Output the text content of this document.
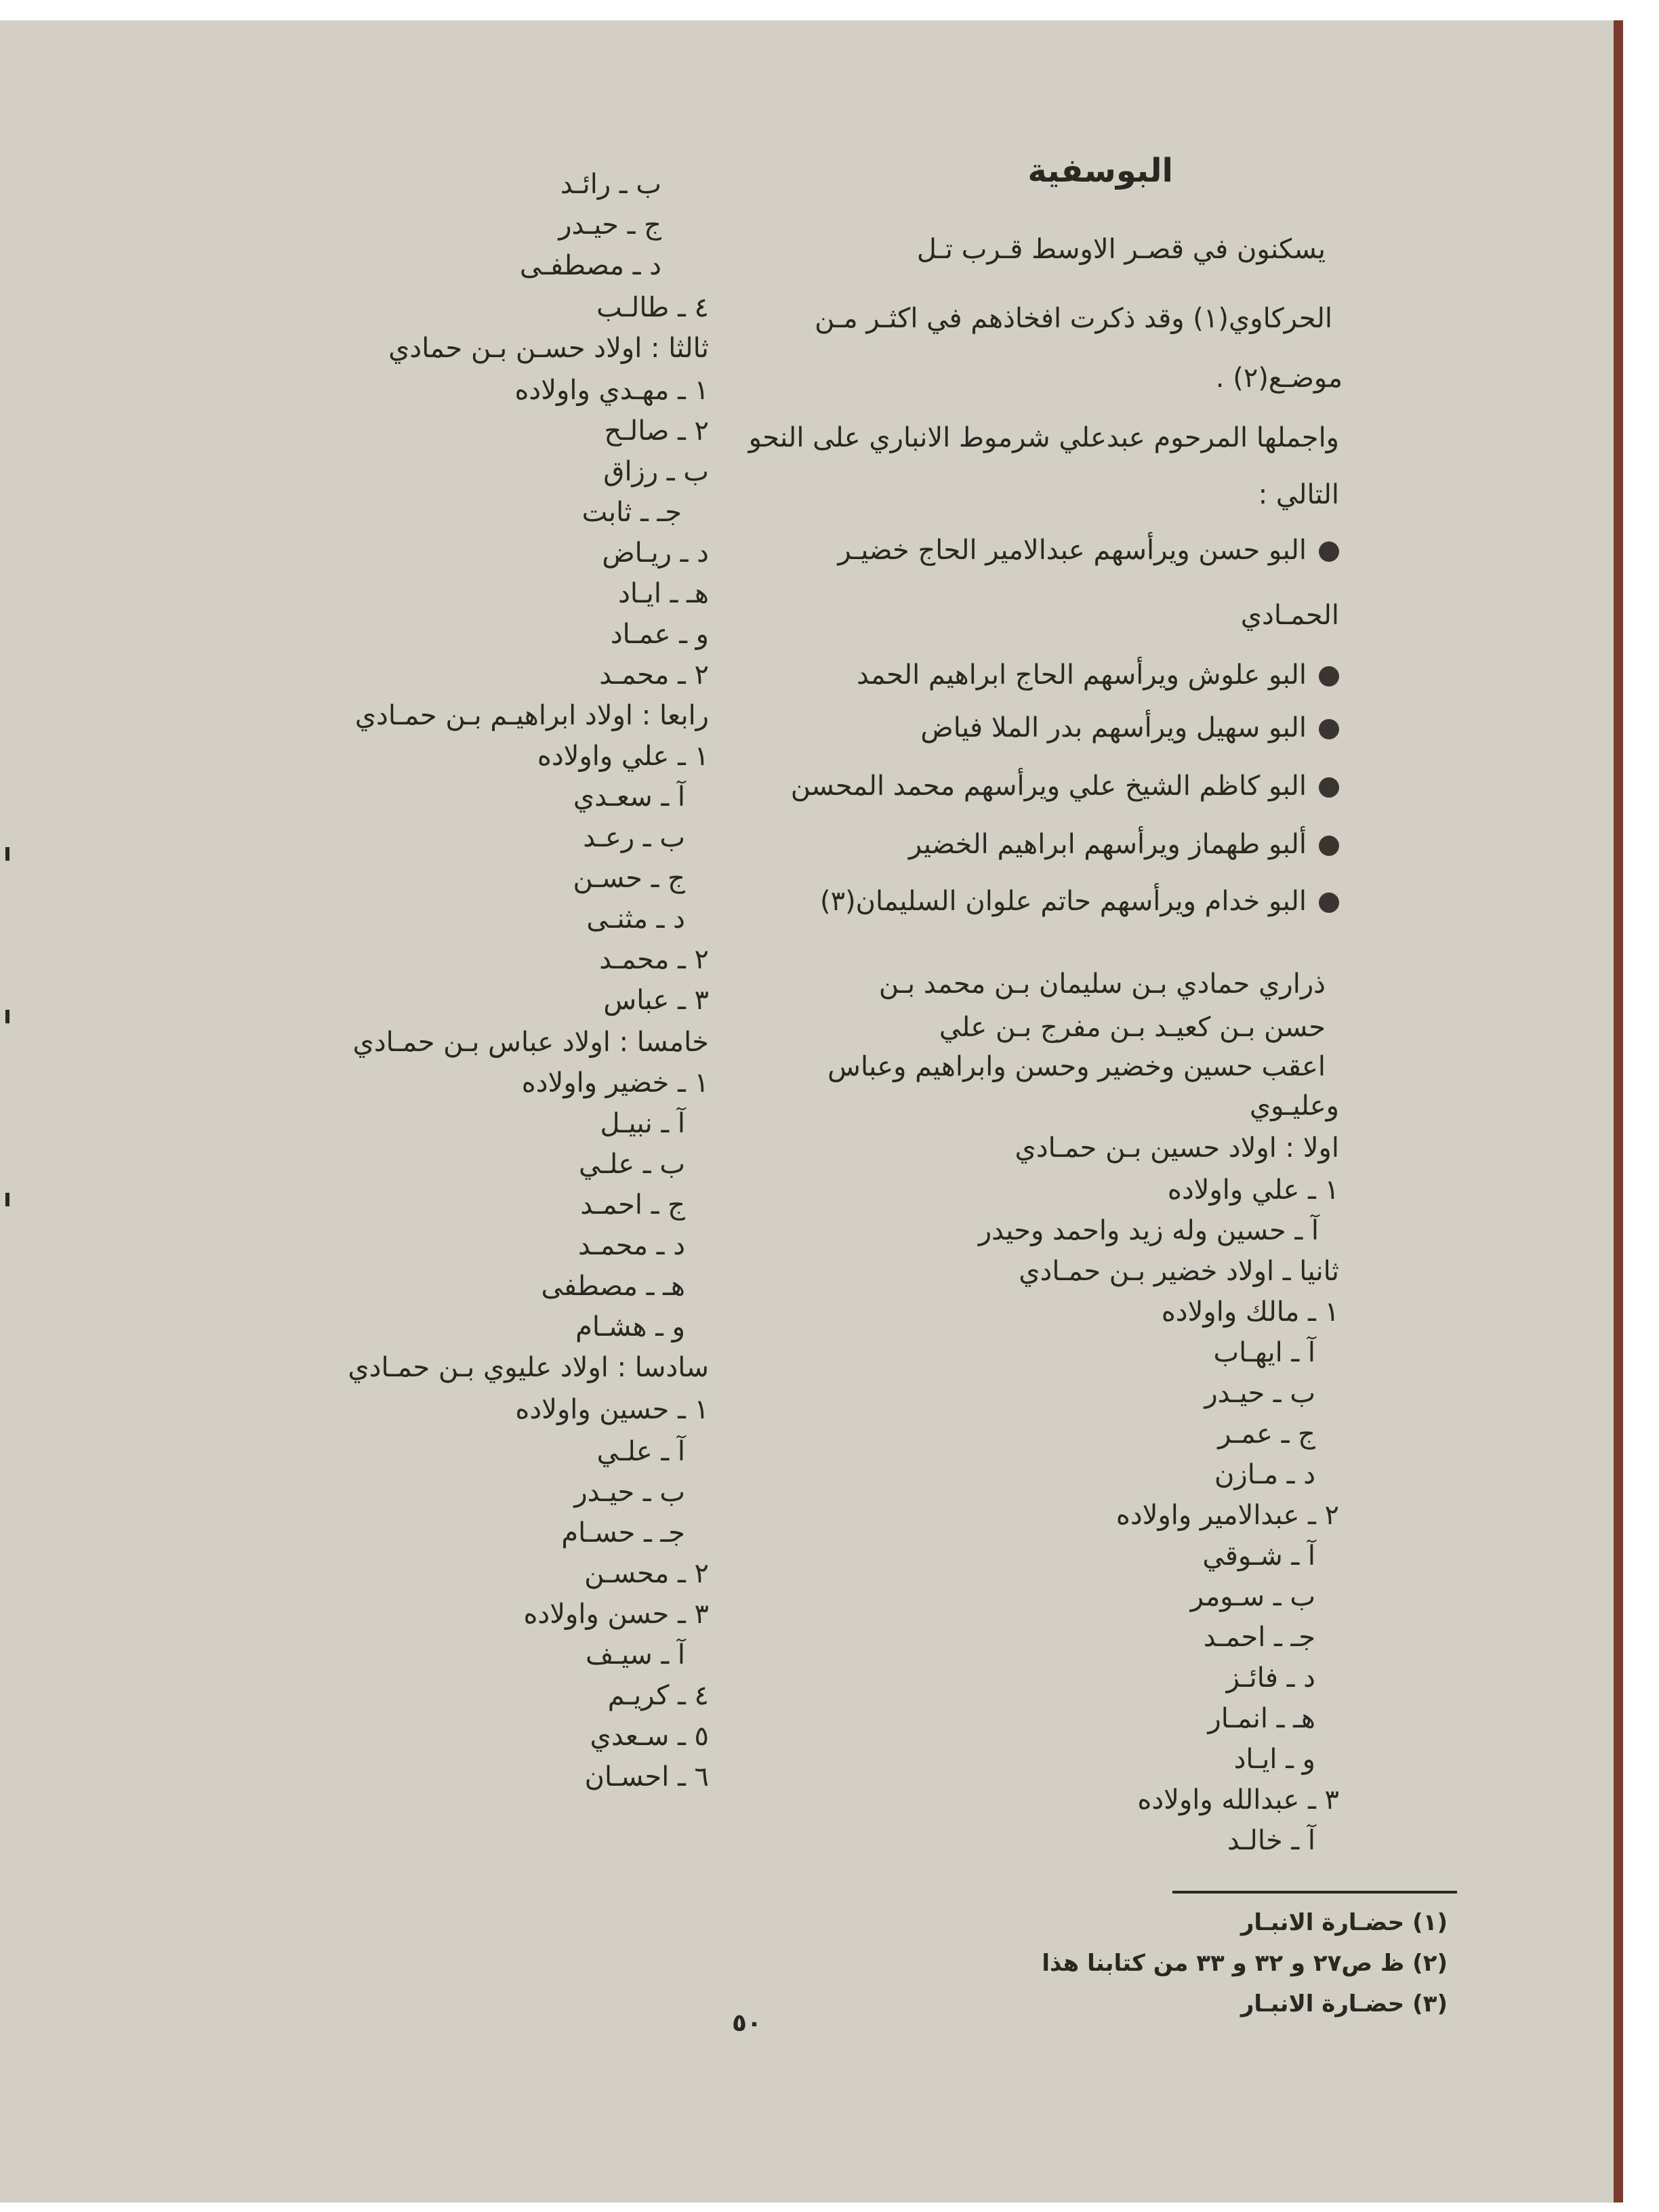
البوسفية
يسكنون في قصـر الاوسط قـرب تـل
الحركاوي(١) وقد ذكرت افخاذهم في اكثـر مـن
موضـع(٢) .
واجملها المرحوم عبدعلي شرموط الانباري على النحو
التالي :
البو حسن ويرأسهم عبدالامير الحاج خضيـر
الحمـادي
البو علوش ويرأسهم الحاج ابراهيم الحمد
البو سهيل ويرأسهم بدر الملا فياض
البو كاظم الشيخ علي ويرأسهم محمد المحسن
ألبو طهماز ويرأسهم ابراهيم الخضير
البو خدام ويرأسهم حاتم علوان السليمان(٣)
ذراري حمادي بـن سليمان بـن محمد بـن
حسن بـن كعيـد بـن مفرج بـن علي
اعقب حسين وخضير وحسن وابراهيم وعباس
وعليـوي
اولا : اولاد حسين بـن حمـادي
١ ـ علي واولاده
آ ـ حسين وله زيد واحمد وحيدر
ثانيا ـ اولاد خضير بـن حمـادي
١ ـ مالك واولاده
آ ـ ايهـاب
ب ـ حيـدر
ج ـ عمـر
د ـ مـازن
٢ ـ عبدالامير واولاده
آ ـ شـوقي
ب ـ سـومر
جـ ـ احمـد
د ـ فائـز
هـ ـ انمـار
و ـ ايـاد
٣ ـ عبدالله واولاده
آ ـ خالـد
(١) حضـارة الانبـار
(٢) ظ ص٢٧ و ٣٢ و ٣٣ من كتابنا هذا
(٣) حضـارة الانبـار
ب ـ رائـد
ج ـ حيـدر
د ـ مصطفـى
٤ ـ طالـب
ثالثا : اولاد حسـن بـن حمادي
١ ـ مهـدي واولاده
٢ ـ صالـح
ب ـ رزاق
جـ ـ ثابت
د ـ ريـاض
هـ ـ ايـاد
و ـ عمـاد
٢ ـ محمـد
رابعا : اولاد ابراهيـم بـن حمـادي
١ ـ علي واولاده
آ ـ سعـدي
ب ـ رعـد
ج ـ حسـن
د ـ مثنـى
٢ ـ محمـد
٣ ـ عباس
خامسا : اولاد عباس بـن حمـادي
١ ـ خضير واولاده
آ ـ نبيـل
ب ـ علـي
ج ـ احمـد
د ـ محمـد
هـ ـ مصطفى
و ـ هشـام
سادسا : اولاد عليوي بـن حمـادي
١ ـ حسين واولاده
آ ـ علـي
ب ـ حيـدر
جـ ـ حسـام
٢ ـ محسـن
٣ ـ حسن واولاده
آ ـ سيـف
٤ ـ كريـم
٥ ـ سـعدي
٦ ـ احسـان
٥٠
